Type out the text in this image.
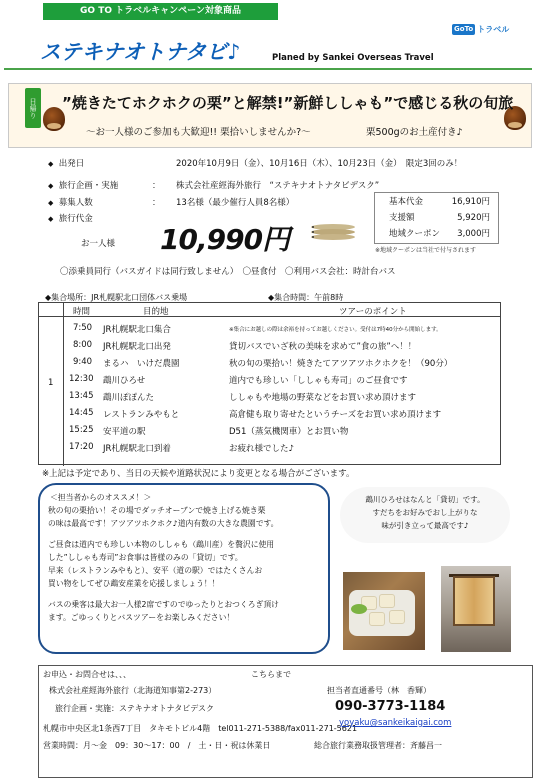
GO TO トラベルキャンペーン対象商品
GoTo トラベル
ステキナオトナタビ♪	Planed by Sankei Overseas Travel
日帰り ”焼きたてホクホクの栗”と解禁!”新鮮ししゃも”で感じる秋の旬旅
～お一人様のご参加も大歓迎!! 栗拾いしませんか?～	栗500gのお土産付き♪
◆ 出発日	2020年10月9日（金）、10月16日（木）、10月23日（金）　限定3回のみ！
◆ 旅行企画・実施	： 株式会社産經海外旅行　“ステキナオトナタビデスク”
◆ 募集人数	： 13名様（最少催行人員8名様）
◆ 旅行代金
お一人様 10,990円
基本代金	16,910円
支援額	5,920円
地域クーポン 3,000円
※地域クーポンは当社で付与されます
〇添乗員同行（バスガイドは同行致しません）　〇昼食付　〇利用バス会社：時計台バス
◆集合場所：JR札幌駅北口団体バス乗場	◆集合時間：午前8時
時間	目的地	ツアーのポイント
1
7:50 JR札幌駅北口集合	※集合にお越しの際は余裕を持ってお越しください。受付は7時40分から開始します。
8:00 JR札幌駅北口出発	貸切バスでいざ秋の美味を求めて”食の旅”へ！！
9:40 まるハ　いけだ農園	秋の旬の栗拾い！焼きたてアツアツホクホクを！（90分）
12:30 鵡川ひろせ	道内でも珍しい「ししゃも寿司」のご昼食です
13:45 鵡川ぽぽんた	ししゃもや地場の野菜などをお買い求め頂けます
14:45 レストランみやもと	高倉健も取り寄せたというチーズをお買い求め頂けます
15:25 安平道の駅	D51（蒸気機関車）とお買い物
17:20 JR札幌駅北口到着	お疲れ様でした♪
※上記は予定であり、当日の天候や道路状況により変更となる場合がございます。

＜担当者からのオススメ！＞

秋の旬の栗拾い！その場でダッチオーブンで焼き上げる焼き栗

の味は最高です！アツアツホクホク♪道内有数の大きな農園です。

ご昼食は道内でも珍しい本物のししゃも（鵡川産）を贅沢に使用

した”ししゃも寿司”お食事は皆様のみの「貸切」です。

早来（レストランみやもと）、安平（道の駅）ではたくさんお

買い物をしてぜひ鵡安産業を応援しましょう！！

バスの乗客は最大お一人様2席ですのでゆったりとおつくろぎ頂け

ます。ごゆっくりとバスツアーをお楽しみください！

鵡川ひろせはなんと「貸切」です。

すだちをお好みでおし上がりな

味が引き立って最高です♪

お申込・お問合せは、、、	こちらまで
株式会社産經海外旅行（北海道知事第2-273）
旅行企画・実施：ステキナオトナタビデスク
札幌市中央区北1条西7丁目　タキモトビル4階　tel011-271-5388/fax011-271-5621
営業時間：月～金　09：30～17：00　/　土・日・祝は休業日	総合旅行業務取扱管理者：斉藤昌一
担当者直通番号（林　香輝）
090-3773-1184
yoyaku@sankeikaigai.com
